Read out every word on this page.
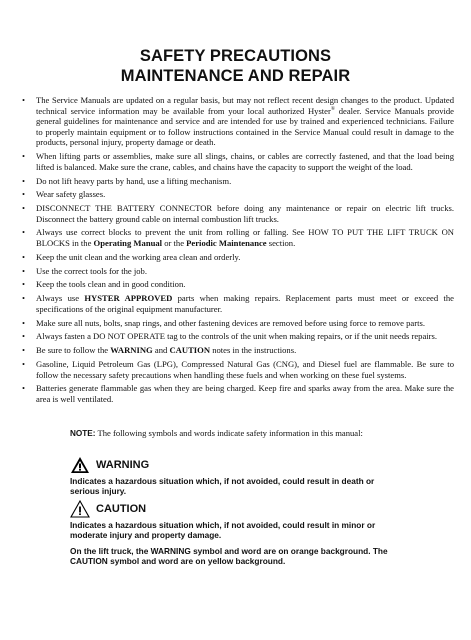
SAFETY PRECAUTIONS
MAINTENANCE AND REPAIR
• The Service Manuals are updated on a regular basis, but may not reflect recent design changes to the product. Updated technical service information may be available from your local authorized Hyster® dealer. Service Manuals provide general guidelines for maintenance and service and are intended for use by trained and experienced technicians. Failure to properly maintain equipment or to follow instructions contained in the Service Manual could result in damage to the products, personal injury, property damage or death.
• When lifting parts or assemblies, make sure all slings, chains, or cables are correctly fastened, and that the load being lifted is balanced. Make sure the crane, cables, and chains have the capacity to support the weight of the load.
• Do not lift heavy parts by hand, use a lifting mechanism.
• Wear safety glasses.
• DISCONNECT THE BATTERY CONNECTOR before doing any maintenance or repair on electric lift trucks. Disconnect the battery ground cable on internal combustion lift trucks.
• Always use correct blocks to prevent the unit from rolling or falling. See HOW TO PUT THE LIFT TRUCK ON BLOCKS in the Operating Manual or the Periodic Maintenance section.
• Keep the unit clean and the working area clean and orderly.
• Use the correct tools for the job.
• Keep the tools clean and in good condition.
• Always use HYSTER APPROVED parts when making repairs. Replacement parts must meet or exceed the specifications of the original equipment manufacturer.
• Make sure all nuts, bolts, snap rings, and other fastening devices are removed before using force to remove parts.
• Always fasten a DO NOT OPERATE tag to the controls of the unit when making repairs, or if the unit needs repairs.
• Be sure to follow the WARNING and CAUTION notes in the instructions.
• Gasoline, Liquid Petroleum Gas (LPG), Compressed Natural Gas (CNG), and Diesel fuel are flammable. Be sure to follow the necessary safety precautions when handling these fuels and when working on these fuel systems.
• Batteries generate flammable gas when they are being charged. Keep fire and sparks away from the area. Make sure the area is well ventilated.
NOTE: The following symbols and words indicate safety information in this manual:
WARNING
Indicates a hazardous situation which, if not avoided, could result in death or serious injury.
CAUTION
Indicates a hazardous situation which, if not avoided, could result in minor or moderate injury and property damage.
On the lift truck, the WARNING symbol and word are on orange background. The CAUTION symbol and word are on yellow background.
